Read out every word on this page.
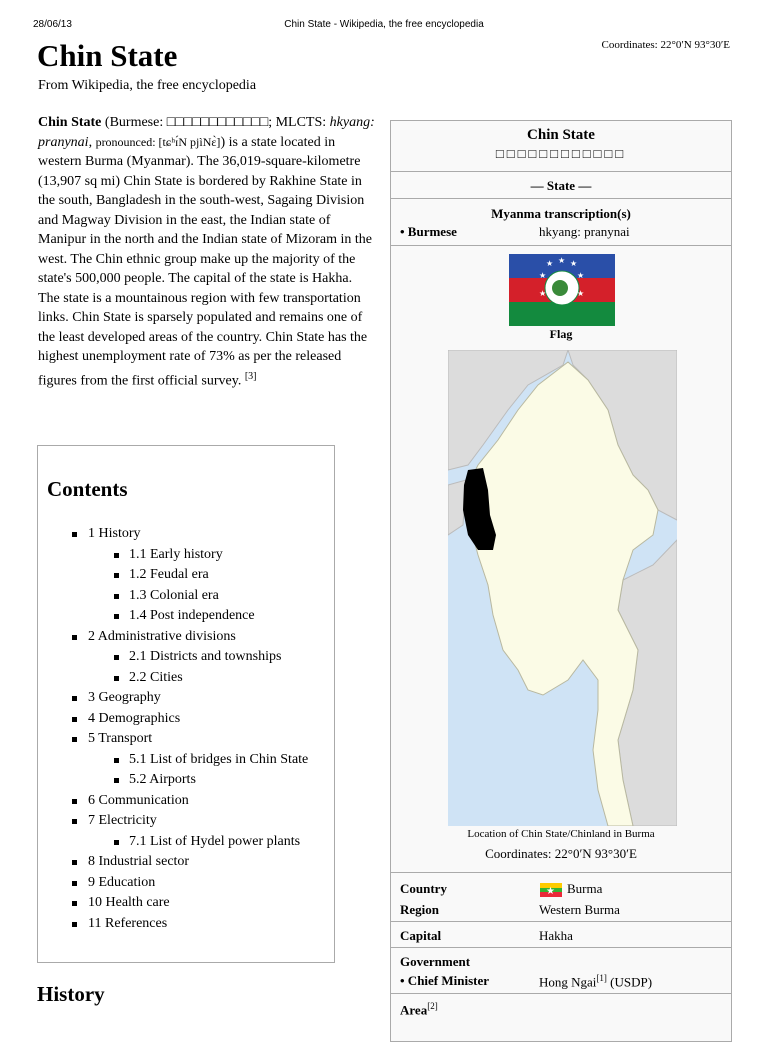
28/06/13	Chin State - Wikipedia, the free encyclopedia
Coordinates: 22°0′N 93°30′E
Chin State
From Wikipedia, the free encyclopedia
Chin State (Burmese: □□□□□□□□□□□□; MLCTS: hkyang: pranynai, pronounced: [tɕʰɪ́N pjìNɛ̀]) is a state located in western Burma (Myanmar). The 36,019-square-kilometre (13,907 sq mi) Chin State is bordered by Rakhine State in the south, Bangladesh in the south-west, Sagaing Division and Magway Division in the east, the Indian state of Manipur in the north and the Indian state of Mizoram in the west. The Chin ethnic group make up the majority of the state's 500,000 people. The capital of the state is Hakha. The state is a mountainous region with few transportation links. Chin State is sparsely populated and remains one of the least developed areas of the country. Chin State has the highest unemployment rate of 73% as per the released figures from the first official survey. [3]
Contents
1 History
1.1 Early history
1.2 Feudal era
1.3 Colonial era
1.4 Post independence
2 Administrative divisions
2.1 Districts and townships
2.2 Cities
3 Geography
4 Demographics
5 Transport
5.1 List of bridges in Chin State
5.2 Airports
6 Communication
7 Electricity
7.1 List of Hydel power plants
8 Industrial sector
9 Education
10 Health care
11 References
History
Chin State
□□□□□□□□□□□□
— State —
Myanma transcription(s)
• Burmese	hkyang: pranynai
★ ★ ★
★	★
★	★
Flag
Location of Chin State/Chinland in Burma
Coordinates: 22°0′N 93°30′E
Country	★ Burma
Region	Western Burma
Capital	Hakha
Government
• Chief Minister	Hong Ngai[1] (USDP)
Area[2]
